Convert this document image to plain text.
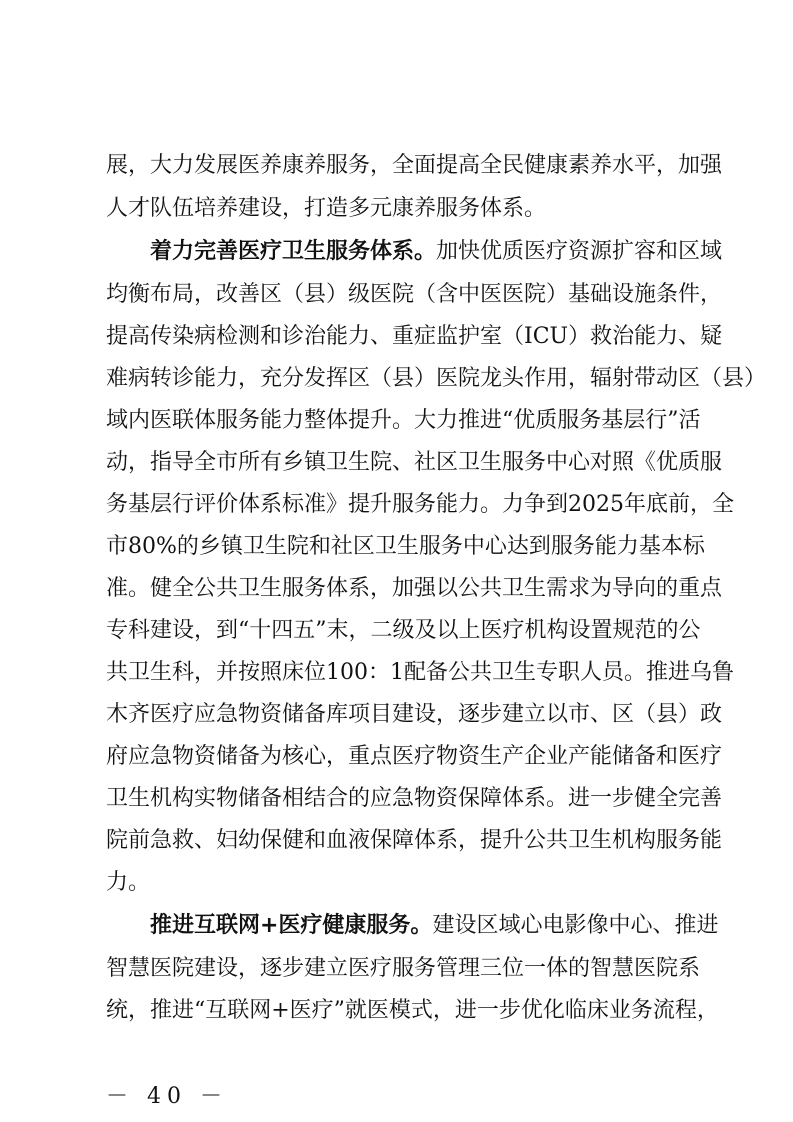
展，大力发展医养康养服务，全面提高全民健康素养水平，加强
人才队伍培养建设，打造多元康养服务体系。
着力完善医疗卫生服务体系。加快优质医疗资源扩容和区域
均衡布局，改善区（县）级医院（含中医医院）基础设施条件，
提高传染病检测和诊治能力、重症监护室（ICU）救治能力、疑
难病转诊能力，充分发挥区（县）医院龙头作用，辐射带动区（县）
域内医联体服务能力整体提升。大力推进“优质服务基层行”活
动，指导全市所有乡镇卫生院、社区卫生服务中心对照《优质服
务基层行评价体系标准》提升服务能力。力争到2025年底前，全
市80%的乡镇卫生院和社区卫生服务中心达到服务能力基本标
准。健全公共卫生服务体系，加强以公共卫生需求为导向的重点
专科建设，到“十四五”末，二级及以上医疗机构设置规范的公
共卫生科，并按照床位100：1配备公共卫生专职人员。推进乌鲁
木齐医疗应急物资储备库项目建设，逐步建立以市、区（县）政
府应急物资储备为核心，重点医疗物资生产企业产能储备和医疗
卫生机构实物储备相结合的应急物资保障体系。进一步健全完善
院前急救、妇幼保健和血液保障体系，提升公共卫生机构服务能
力。
推进互联网+医疗健康服务。建设区域心电影像中心、推进
智慧医院建设，逐步建立医疗服务管理三位一体的智慧医院系
统，推进“互联网+医疗”就医模式，进一步优化临床业务流程，
－ 40 －
